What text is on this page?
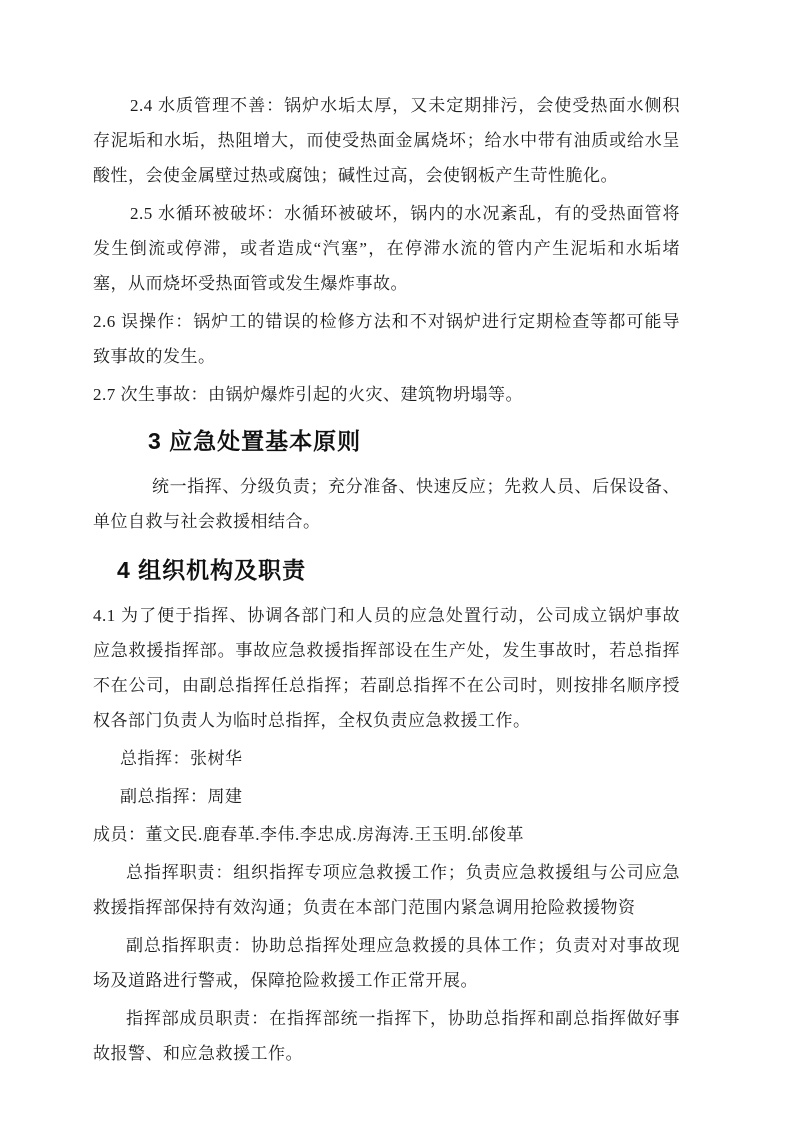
2.4 水质管理不善：锅炉水垢太厚，又未定期排污，会使受热面水侧积存泥垢和水垢，热阻增大，而使受热面金属烧坏；给水中带有油质或给水呈酸性，会使金属壁过热或腐蚀；碱性过高，会使钢板产生苛性脆化。

2.5 水循环被破坏：水循环被破坏，锅内的水况紊乱，有的受热面管将发生倒流或停滞，或者造成“汽塞”，在停滞水流的管内产生泥垢和水垢堵塞，从而烧坏受热面管或发生爆炸事故。

2.6 误操作：锅炉工的错误的检修方法和不对锅炉进行定期检查等都可能导致事故的发生。

2.7 次生事故：由锅炉爆炸引起的火灾、建筑物坍塌等。

3 应急处置基本原则

统一指挥、分级负责；充分准备、快速反应；先救人员、后保设备、单位自救与社会救援相结合。

4 组织机构及职责

4.1 为了便于指挥、协调各部门和人员的应急处置行动，公司成立锅炉事故应急救援指挥部。事故应急救援指挥部设在生产处，发生事故时，若总指挥不在公司，由副总指挥任总指挥；若副总指挥不在公司时，则按排名顺序授权各部门负责人为临时总指挥，全权负责应急救援工作。

总指挥：张树华

副总指挥：周建

成员：董文民.鹿春革.李伟.李忠成.房海涛.王玉明.邰俊革

总指挥职责：组织指挥专项应急救援工作；负责应急救援组与公司应急救援指挥部保持有效沟通；负责在本部门范围内紧急调用抢险救援物资

副总指挥职责：协助总指挥处理应急救援的具体工作；负责对对事故现场及道路进行警戒，保障抢险救援工作正常开展。

指挥部成员职责：在指挥部统一指挥下，协助总指挥和副总指挥做好事故报警、和应急救援工作。
